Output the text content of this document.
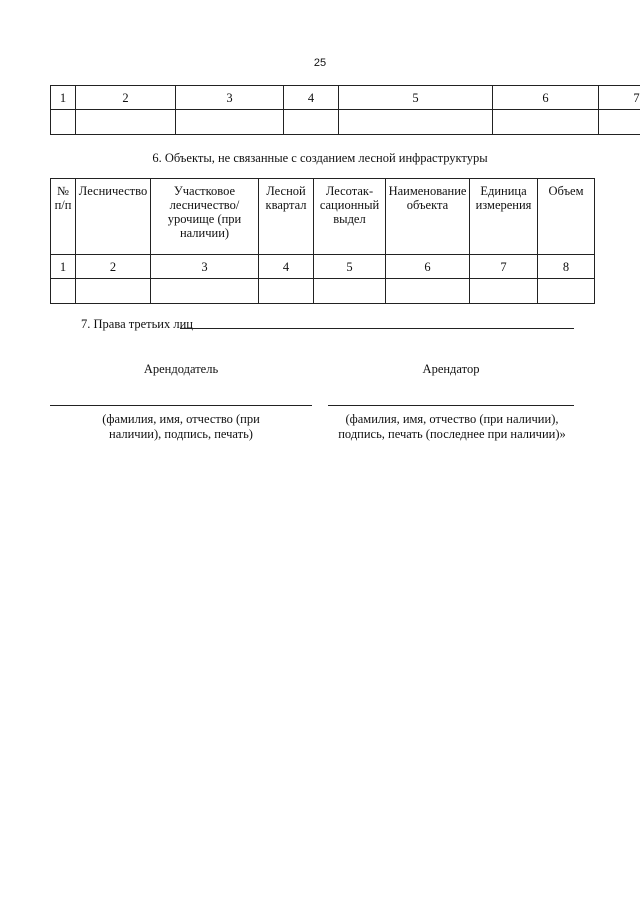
25
1	2	3	4	5	6	7

6. Объекты, не связанные с созданием лесной инфраструктуры
№ п/п	Лесничество	Участковое лесничество/ урочище (при наличии)	Лесной квартал	Лесотак- сационный выдел	Наименование объекта	Единица измерения	Объем
1	2	3	4	5	6	7	8

7. Права третьих лиц
Арендодатель	Арендатор
(фамилия, имя, отчество (при наличии), подпись, печать)
(фамилия, имя, отчество (при наличии), подпись, печать (последнее при наличии)»
